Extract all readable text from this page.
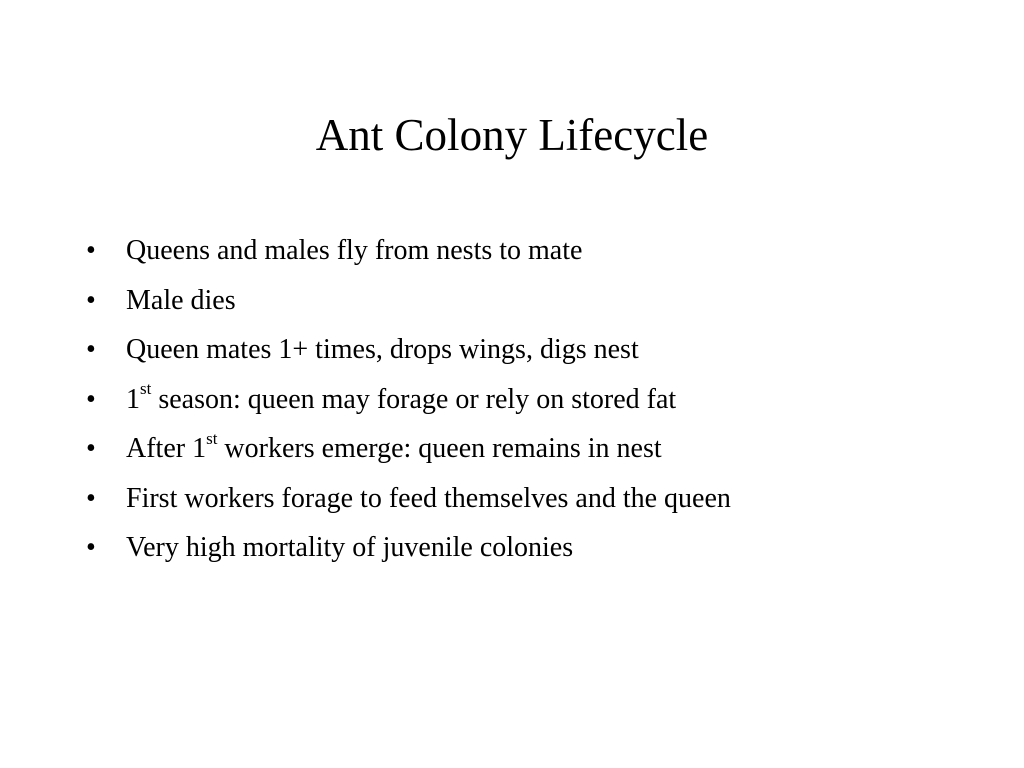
Ant Colony Lifecycle
•	Queens and males fly from nests to mate
•	Male dies
•	Queen mates 1+ times, drops wings, digs nest
•	1st season: queen may forage or rely on stored fat
•	After 1st workers emerge: queen remains in nest
•	First workers forage to feed themselves and the queen
•	Very high mortality of juvenile colonies
